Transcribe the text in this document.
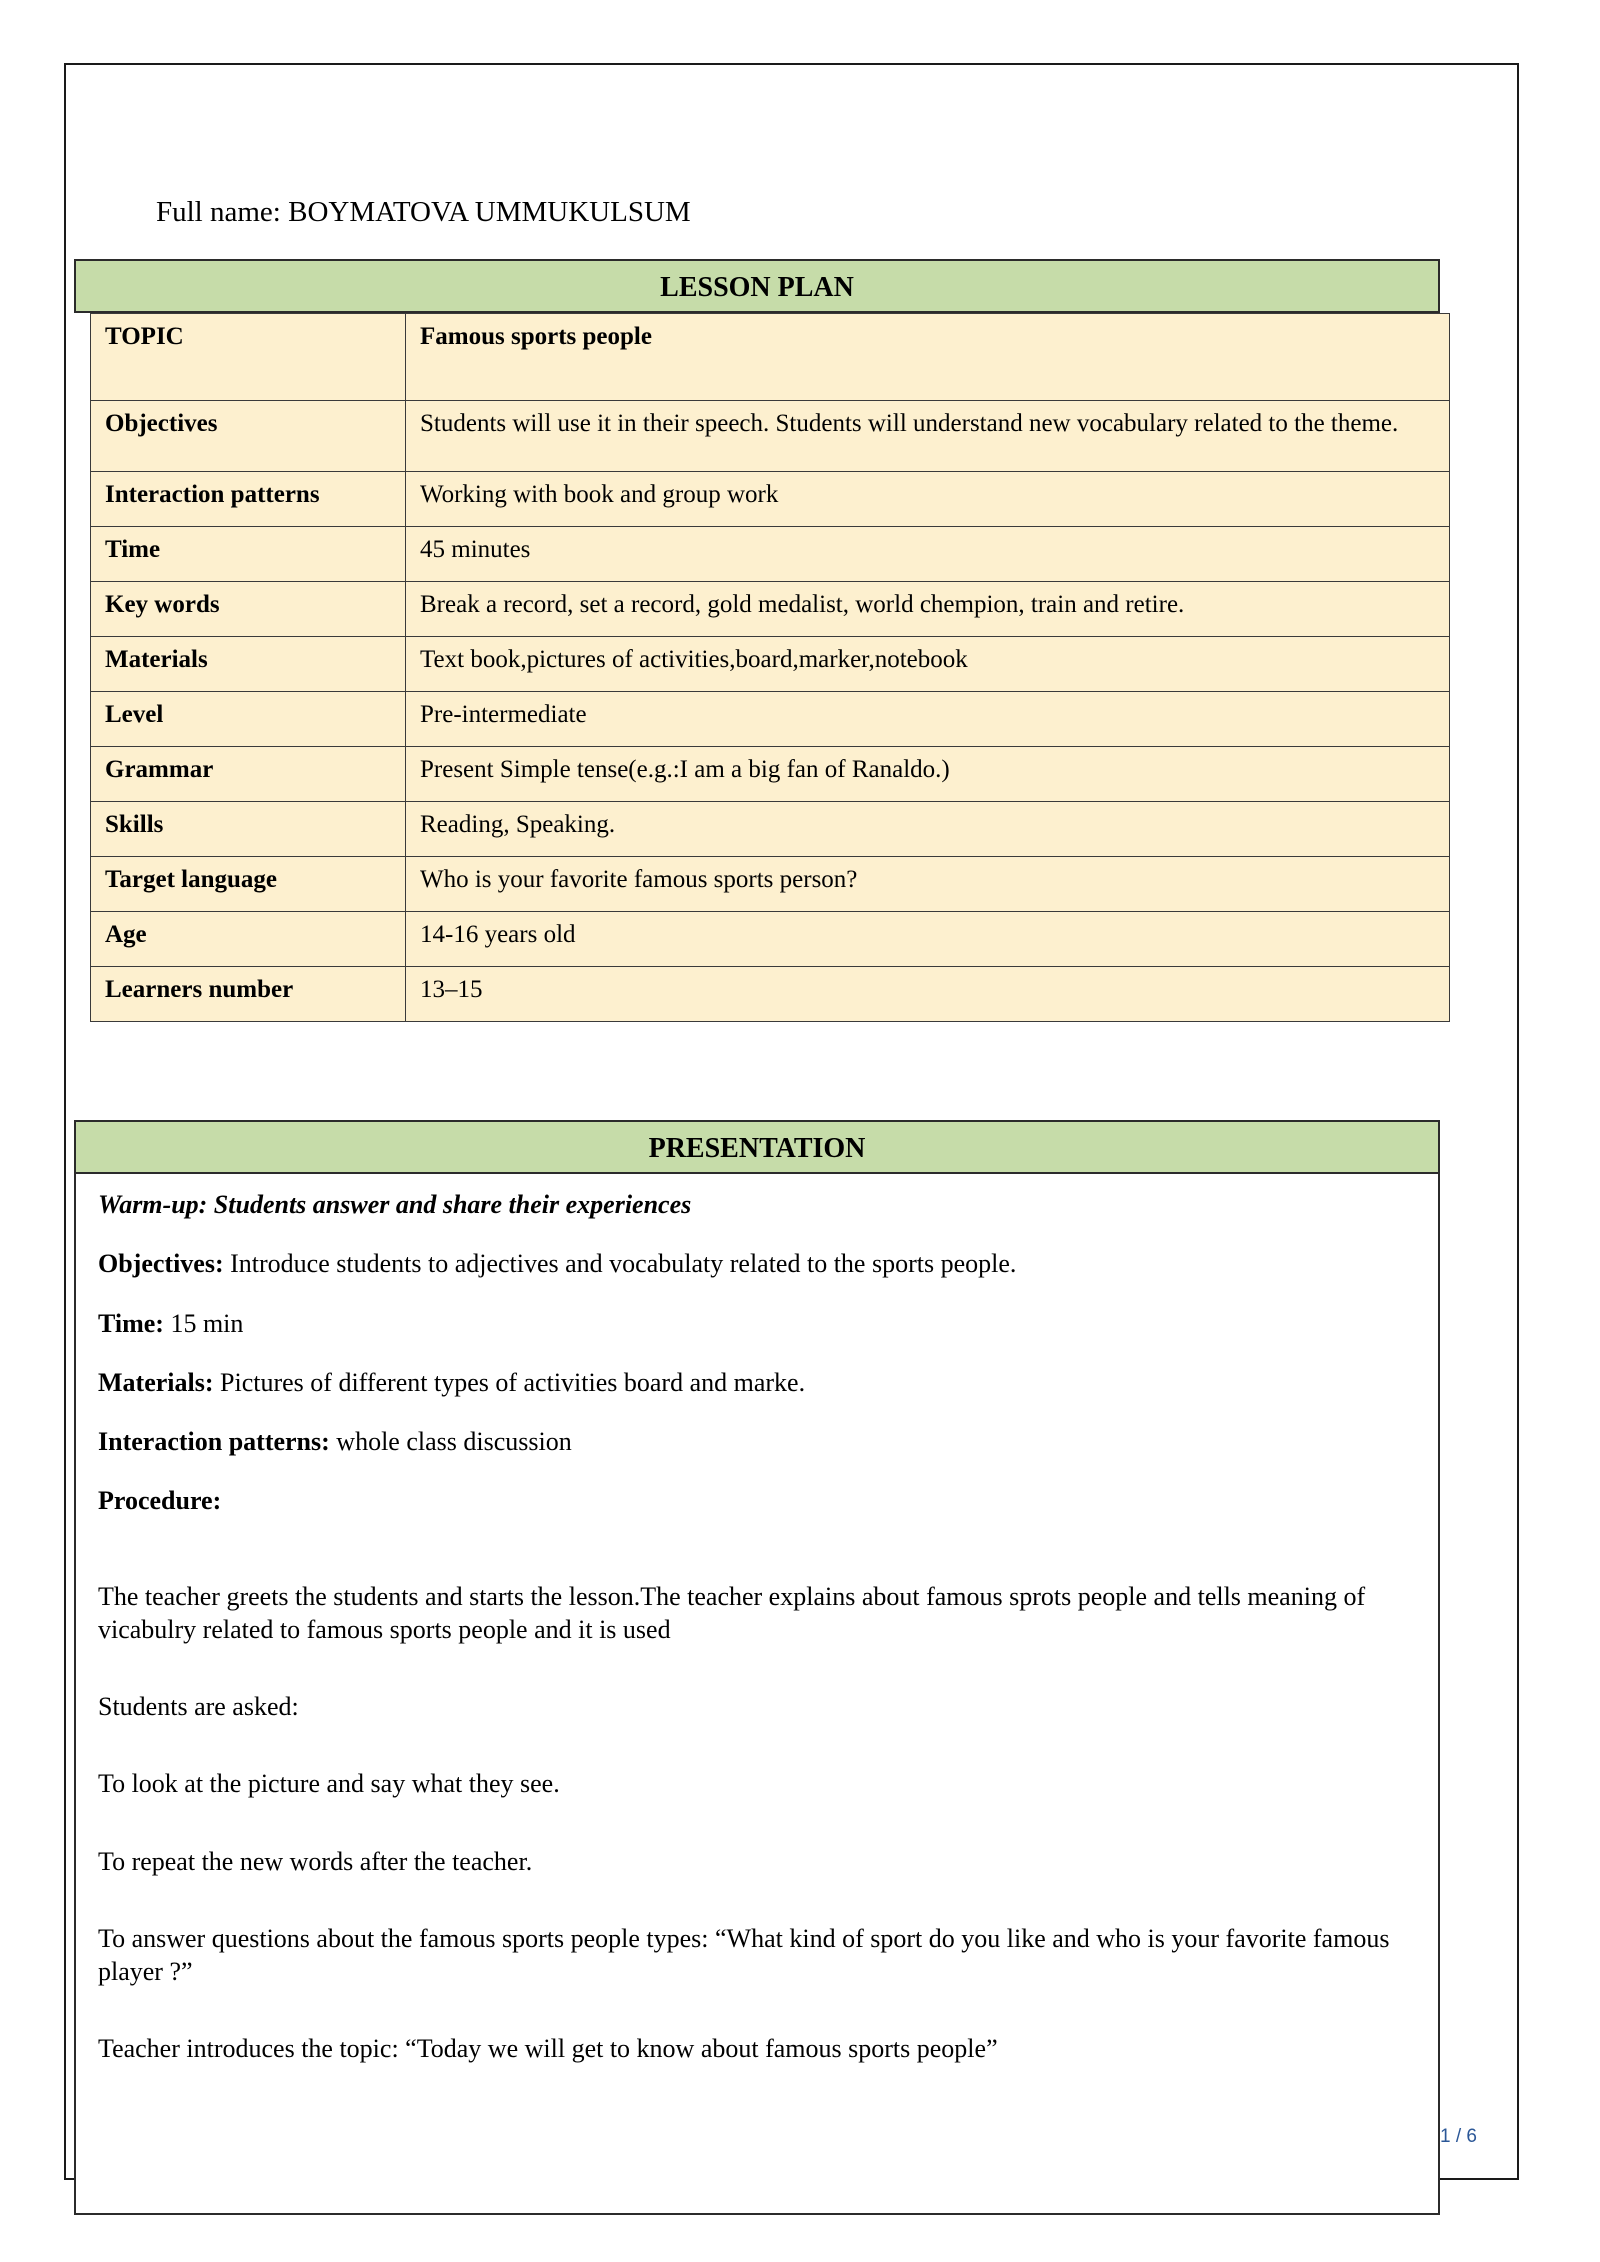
Full name: BOYMATOVA UMMUKULSUM
LESSON PLAN
TOPIC	Famous sports people
Objectives	Students will use it in their speech. Students will understand new vocabulary related to the theme.
Interaction patterns	Working with book and group work
Time	45 minutes
Key words	Break a record, set a record, gold medalist, world chempion, train and retire.
Materials	Text book,pictures of activities,board,marker,notebook
Level	Pre-intermediate
Grammar	Present Simple tense(e.g.:I am a big fan of Ranaldo.)
Skills	Reading, Speaking.
Target language	Who is your favorite famous sports person?
Age	14-16 years old
Learners number	13–15
PRESENTATION

Warm-up: Students answer and share their experiences

Objectives: Introduce students to adjectives and vocabulaty related to the sports people.

Time: 15 min

Materials: Pictures of different types of activities board and marke.

Interaction patterns: whole class discussion

Procedure:

The teacher greets the students and starts the lesson.The teacher explains about famous sprots people and tells meaning of vicabulry related to famous sports people and it is used

Students are asked:

To look at the picture and say what they see.

To repeat the new words after the teacher.

To answer questions about the famous sports people types: “What kind of sport do you like and who is your favorite famous player ?”

Teacher introduces the topic: “Today we will get to know about famous sports people”

1 / 6
